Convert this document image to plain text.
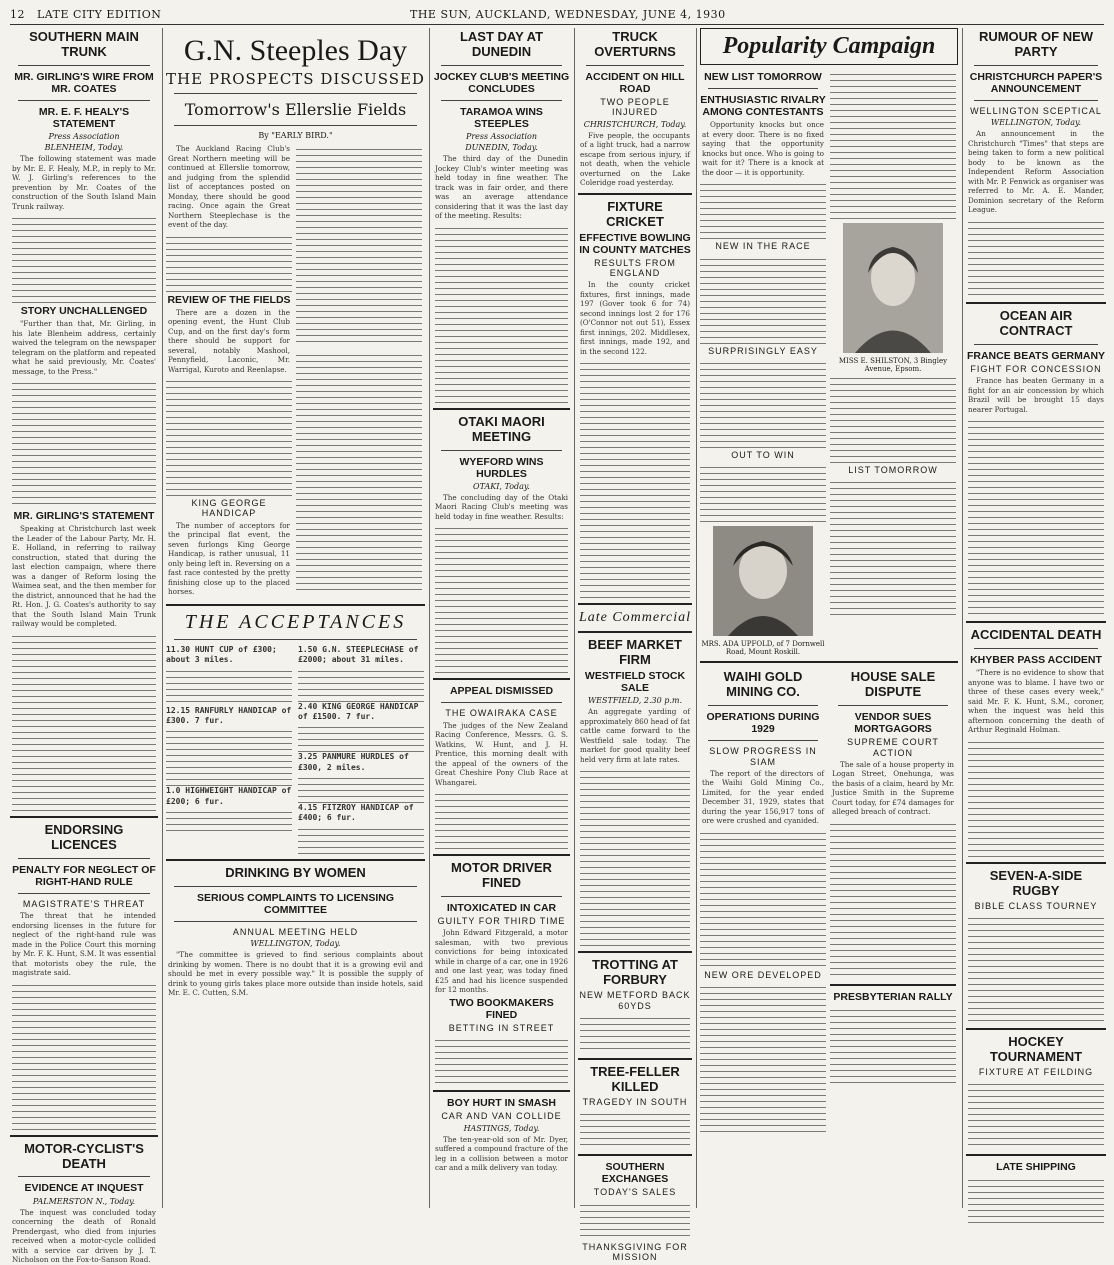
12 LATE CITY EDITION	THE SUN, AUCKLAND, WEDNESDAY, JUNE 4, 1930
SOUTHERN MAIN TRUNK
MR. GIRLING'S WIRE FROM MR. COATES
MR. E. F. HEALY'S STATEMENT
Press Association
BLENHEIM, Today.

The following statement was made by Mr. E. F. Healy, M.P., in reply to Mr. W. J. Girling's references to the prevention by Mr. Coates of the construction of the South Island Main Trunk railway.

STORY UNCHALLENGED

"Further than that, Mr. Girling, in his late Blenheim address, certainly waived the telegram on the newspaper telegram on the platform and repeated what he said previously, Mr. Coates' message, to the Press."

MR. GIRLING'S STATEMENT

Speaking at Christchurch last week the Leader of the Labour Party, Mr. H. E. Holland, in referring to railway construction, stated that during the last election campaign, where there was a danger of Reform losing the Waimea seat, and the then member for the district, announced that he had the Rt. Hon. J. G. Coates's authority to say that the South Island Main Trunk railway would be completed.

ENDORSING LICENCES
PENALTY FOR NEGLECT OF RIGHT-HAND RULE
MAGISTRATE'S THREAT

The threat that he intended endorsing licenses in the future for neglect of the right-hand rule was made in the Police Court this morning by Mr. F. K. Hunt, S.M. It was essential that motorists obey the rule, the magistrate said.

MOTOR-CYCLIST'S DEATH
EVIDENCE AT INQUEST
PALMERSTON N., Today.

The inquest was concluded today concerning the death of Ronald Prendergast, who died from injuries received when a motor-cycle collided with a service car driven by J. T. Nicholson on the Fox-to-Sanson Road.

G.N. Steeples Day
THE PROSPECTS DISCUSSED
Tomorrow's Ellerslie Fields
By "EARLY BIRD."

The Auckland Racing Club's Great Northern meeting will be continued at Ellerslie tomorrow, and judging from the splendid list of acceptances posted on Monday, there should be good racing. Once again the Great Northern Steeplechase is the event of the day.

REVIEW OF THE FIELDS

There are a dozen in the opening event, the Hunt Club Cup, and on the first day's form there should be support for several, notably Mashool, Pennyfield, Laconic, Mr. Warrigal, Kuroto and Reenlapse.

KING GEORGE HANDICAP

The number of acceptors for the principal flat event, the seven furlongs King George Handicap, is rather unusual, 11 only being left in. Reversing on a fast race contested by the pretty finishing close up to the placed horses.

THE ACCEPTANCES
11.30 HUNT CUP of £300; about 3 miles.
12.15 RANFURLY HANDICAP of £300. 7 fur.
1.0 HIGHWEIGHT HANDICAP of £200; 6 fur.
1.50 G.N. STEEPLECHASE of £2000; about 31 miles.
2.40 KING GEORGE HANDICAP of £1500. 7 fur.
3.25 PANMURE HURDLES of £300, 2 miles.
4.15 FITZROY HANDICAP of £400; 6 fur.
DRINKING BY WOMEN
SERIOUS COMPLAINTS TO LICENSING COMMITTEE
ANNUAL MEETING HELD
WELLINGTON, Today.

"The committee is grieved to find serious complaints about drinking by women. There is no doubt that it is a growing evil and should be met in every possible way." It is possible the supply of drink to young girls takes place more outside than inside hotels, said Mr. E. C. Cutten, S.M.

LAST DAY AT DUNEDIN
JOCKEY CLUB'S MEETING CONCLUDES
TARAMOA WINS STEEPLES
Press Association
DUNEDIN, Today.

The third day of the Dunedin Jockey Club's winter meeting was held today in fine weather. The track was in fair order, and there was an average attendance considering that it was the last day of the meeting. Results:

OTAKI MAORI MEETING
WYEFORD WINS HURDLES
OTAKI, Today.

The concluding day of the Otaki Maori Racing Club's meeting was held today in fine weather. Results:

APPEAL DISMISSED
THE OWAIRAKA CASE

The judges of the New Zealand Racing Conference, Messrs. G. S. Watkins, W. Hunt, and J. H. Prentice, this morning dealt with the appeal of the owners of the Great Cheshire Pony Club Race at Whangarei.

MOTOR DRIVER FINED
INTOXICATED IN CAR
GUILTY FOR THIRD TIME

John Edward Fitzgerald, a motor salesman, with two previous convictions for being intoxicated while in charge of a car, one in 1926 and one last year, was today fined £25 and had his licence suspended for 12 months.

TWO BOOKMAKERS FINED
BETTING IN STREET
BOY HURT IN SMASH
CAR AND VAN COLLIDE
HASTINGS, Today.

The ten-year-old son of Mr. Dyer, suffered a compound fracture of the leg in a collision between a motor car and a milk delivery van today.

TRUCK OVERTURNS
ACCIDENT ON HILL ROAD
TWO PEOPLE INJURED
CHRISTCHURCH, Today.

Five people, the occupants of a light truck, had a narrow escape from serious injury, if not death, when the vehicle overturned on the Lake Coleridge road yesterday.

FIXTURE CRICKET
EFFECTIVE BOWLING IN COUNTY MATCHES
RESULTS FROM ENGLAND

In the county cricket fixtures, first innings, made 197 (Gover took 6 for 74) second innings lost 2 for 176 (O'Connor not out 51), Essex first innings, 202. Middlesex, first innings, made 192, and in the second 122.

Late Commercial
BEEF MARKET FIRM
WESTFIELD STOCK SALE
WESTFIELD, 2.30 p.m.

An aggregate yarding of approximately 860 head of fat cattle came forward to the Westfield sale today. The market for good quality beef held very firm at late rates.

TROTTING AT FORBURY
NEW METFORD BACK 60YDS
TREE-FELLER KILLED
TRAGEDY IN SOUTH
SOUTHERN EXCHANGES
TODAY'S SALES
THANKSGIVING FOR MISSION
Popularity Campaign
NEW LIST TOMORROW
ENTHUSIASTIC RIVALRY AMONG CONTESTANTS

Opportunity knocks but once at every door. There is no fixed saying that the opportunity knocks but once. Who is going to wait for it? There is a knock at the door — it is opportunity.

NEW IN THE RACE
SURPRISINGLY EASY
OUT TO WIN
MRS. ADA UPFOLD, of 7 Dornwell Road, Mount Roskill.
MISS E. SHILSTON, 3 Bingley Avenue, Epsom.
LIST TOMORROW
WAIHI GOLD MINING CO.
OPERATIONS DURING 1929
SLOW PROGRESS IN SIAM

The report of the directors of the Waihi Gold Mining Co., Limited, for the year ended December 31, 1929, states that during the year 156,917 tons of ore were crushed and cyanided.

NEW ORE DEVELOPED
HOUSE SALE DISPUTE
VENDOR SUES MORTGAGORS
SUPREME COURT ACTION

The sale of a house property in Logan Street, Onehunga, was the basis of a claim, heard by Mr. Justice Smith in the Supreme Court today, for £74 damages for alleged breach of contract.

PRESBYTERIAN RALLY
RUMOUR OF NEW PARTY
CHRISTCHURCH PAPER'S ANNOUNCEMENT
WELLINGTON SCEPTICAL
WELLINGTON, Today.

An announcement in the Christchurch "Times" that steps are being taken to form a new political body to be known as the Independent Reform Association with Mr. P. Fenwick as organiser was referred to Mr. A. E. Mander, Dominion secretary of the Reform League.

OCEAN AIR CONTRACT
FRANCE BEATS GERMANY
FIGHT FOR CONCESSION

France has beaten Germany in a fight for an air concession by which Brazil will be brought 15 days nearer Portugal.

ACCIDENTAL DEATH
KHYBER PASS ACCIDENT

"There is no evidence to show that anyone was to blame. I have two or three of these cases every week," said Mr. F. K. Hunt, S.M., coroner, when the inquest was held this afternoon concerning the death of Arthur Reginald Holman.

SEVEN-A-SIDE RUGBY
BIBLE CLASS TOURNEY
HOCKEY TOURNAMENT
FIXTURE AT FEILDING
LATE SHIPPING
